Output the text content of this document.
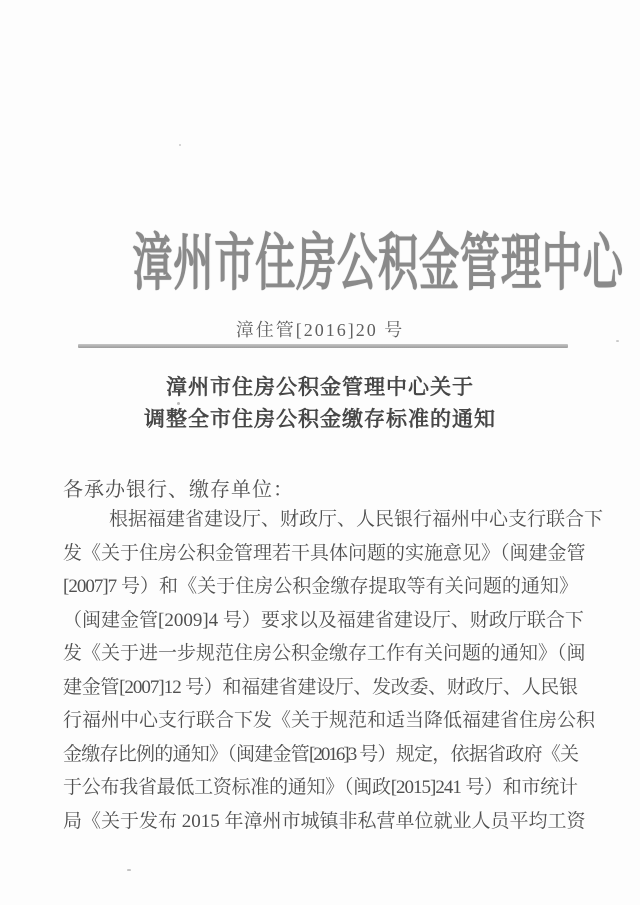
漳州市住房公积金管理中心
漳住管[2016]20 号
漳州市住房公积金管理中心关于
调整全市住房公积金缴存标准的通知
各承办银行、缴存单位：
根据福建省建设厅、财政厅、人民银行福州中心支行联合下
发《关于住房公积金管理若干具体问题的实施意见》（闽建金管
[2007]7 号）和《关于住房公积金缴存提取等有关问题的通知》
（闽建金管[2009]4 号）要求以及福建省建设厅、财政厅联合下
发《关于进一步规范住房公积金缴存工作有关问题的通知》（闽
建金管[2007]12 号）和福建省建设厅、发改委、财政厅、人民银
行福州中心支行联合下发《关于规范和适当降低福建省住房公积
金缴存比例的通知》（闽建金管[2016]3 号）规定，依据省政府《关
于公布我省最低工资标准的通知》（闽政[2015]241 号）和市统计
局《关于发布 2015 年漳州市城镇非私营单位就业人员平均工资
